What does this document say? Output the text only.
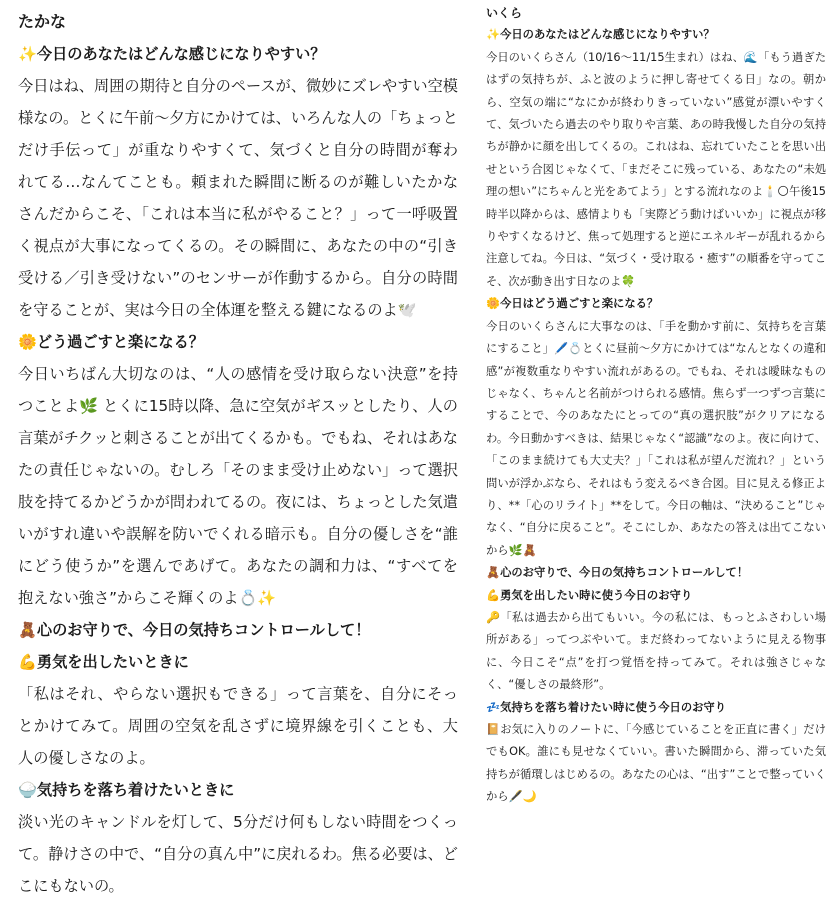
たかな
✨今日のあなたはどんな感じになりやすい？

今日はね、周囲の期待と自分のペースが、微妙にズレやすい空模様なの。とくに午前〜夕方にかけては、いろんな人の「ちょっとだけ手伝って」が重なりやすくて、気づくと自分の時間が奪われてる…なんてことも。頼まれた瞬間に断るのが難しいたかなさんだからこそ、「これは本当に私がやること？」って一呼吸置く視点が大事になってくるの。その瞬間に、あなたの中の“引き受ける／引き受けない”のセンサーが作動するから。自分の時間を守ることが、実は今日の全体運を整える鍵になるのよ🕊️

🌼どう過ごすと楽になる？

今日いちばん大切なのは、“人の感情を受け取らない決意”を持つことよ🌿 とくに15時以降、急に空気がギスッとしたり、人の言葉がチクッと刺さることが出てくるかも。でもね、それはあなたの責任じゃないの。むしろ「そのまま受け止めない」って選択肢を持てるかどうかが問われてるの。夜には、ちょっとした気遣いがすれ違いや誤解を防いでくれる暗示も。自分の優しさを“誰にどう使うか”を選んであげて。あなたの調和力は、“すべてを抱えない強さ”からこそ輝くのよ💍✨

🧸心のお守りで、今日の気持ちコントロールして！
💪勇気を出したいときに

「私はそれ、やらない選択もできる」って言葉を、自分にそっとかけてみて。周囲の空気を乱さずに境界線を引くことも、大人の優しさなのよ。

🍚気持ちを落ち着けたいときに

淡い光のキャンドルを灯して、5分だけ何もしない時間をつくって。静けさの中で、“自分の真ん中”に戻れるわ。焦る必要は、どこにもないの。

いくら
✨今日のあなたはどんな感じになりやすい？

今日のいくらさん（10/16〜11/15生まれ）はね、🌊「もう過ぎたはずの気持ちが、ふと波のように押し寄せてくる日」なの。朝から、空気の端に“なにかが終わりきっていない”感覚が漂いやすくて、気づいたら過去のやり取りや言葉、あの時我慢した自分の気持ちが静かに顔を出してくるの。これはね、忘れていたことを思い出せという合図じゃなくて、「まだそこに残っている、あなたの“未処理の想い”にちゃんと光をあてよう」とする流れなのよ🕯️🌕午後15時半以降からは、感情よりも「実際どう動けばいいか」に視点が移りやすくなるけど、焦って処理すると逆にエネルギーが乱れるから注意してね。今日は、“気づく・受け取る・癒す”の順番を守ってこそ、次が動き出す日なのよ🍀

🌼今日はどう過ごすと楽になる？

今日のいくらさんに大事なのは、「手を動かす前に、気持ちを言葉にすること」🖊️💍とくに昼前〜夕方にかけては“なんとなくの違和感”が複数重なりやすい流れがあるの。でもね、それは曖昧なものじゃなく、ちゃんと名前がつけられる感情。焦らず一つずつ言葉にすることで、今のあなたにとっての“真の選択肢”がクリアになるわ。今日動かすべきは、結果じゃなく“認識”なのよ。夜に向けて、「このまま続けても大丈夫？」「これは私が望んだ流れ？」という問いが浮かぶなら、それはもう変えるべき合図。目に見える修正より、**「心のリライト」**をして。今日の軸は、“決めること”じゃなく、“自分に戻ること”。そこにしか、あなたの答えは出てこないから🌿🧸

🧸心のお守りで、今日の気持ちコントロールして！
💪勇気を出したい時に使う今日のお守り

🔑「私は過去から出てもいい。今の私には、もっとふさわしい場所がある」ってつぶやいて。まだ終わってないように見える物事に、今日こそ“点”を打つ覚悟を持ってみて。それは強さじゃなく、“優しさの最終形”。

💤気持ちを落ち着けたい時に使う今日のお守り

📔お気に入りのノートに、「今感じていることを正直に書く」だけでもOK。誰にも見せなくていい。書いた瞬間から、滞っていた気持ちが循環しはじめるの。あなたの心は、“出す”ことで整っていくから🖋️🌙
